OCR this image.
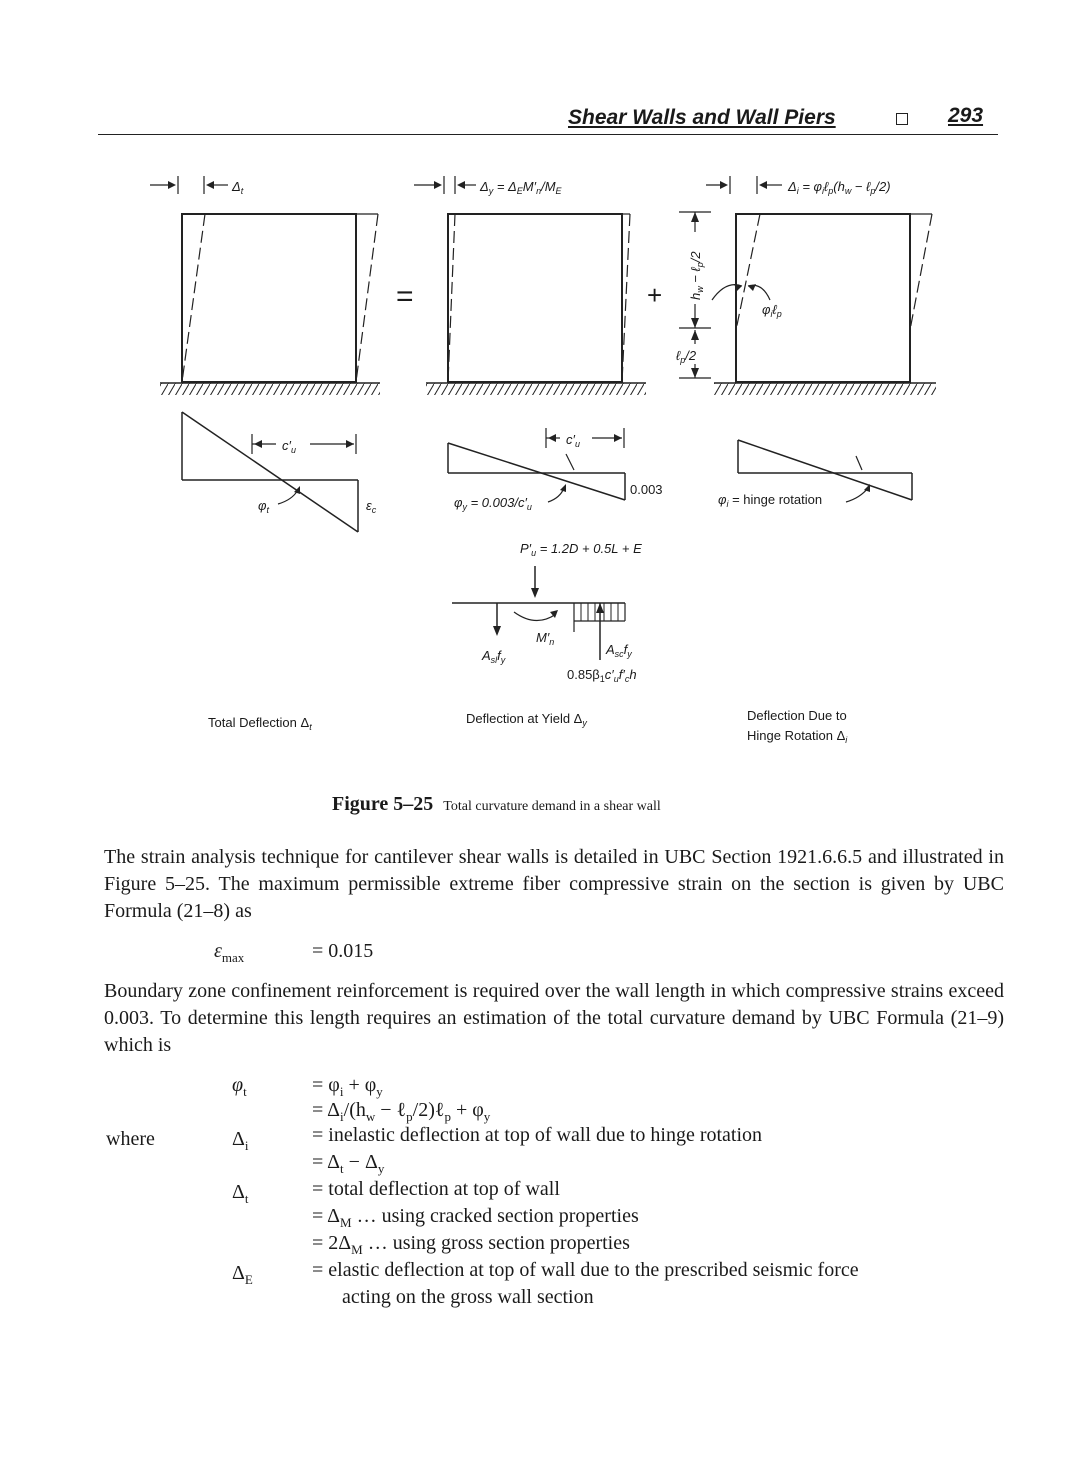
Shear Walls and Wall Piers	293
$\Delta_t$
=
$\Delta_y = \Delta_EM'_n/M_E$
+ $h_w$ − ℓ$_p$/2
ℓ$_p$/2
$\varphi_i\ell_p$
$\Delta_i$ = $\varphi_i\ell_p(h_w$ − ℓ$_p$/2)
$c'_u$
$\varphi_t$	$\varepsilon_c$
$c'_u$
$\varphi_y = 0.003/c'_u$
0.003
$\varphi_i$ = hinge rotation
$P'_u = 1.2D + 0.5L + E$
$M'_n$
$A_{sl}f_y$
$A_{sc}f_y$
$0.85\beta_1c'_uf'_ch$
Total Deflection $\Delta_t$
Deflection at Yield $\Delta_y$	Deflection Due to
Hinge Rotation $\Delta_i$
Figure 5–25 Total curvature demand in a shear wall
The strain analysis technique for cantilever shear walls is detailed in UBC Section 1921.6.6.5 and illustrated in Figure 5–25. The maximum permissible extreme fiber compressive strain on the section is given by UBC Formula (21–8) as
$\varepsilon_{max}$	= 0.015
Boundary zone confinement reinforcement is required over the wall length in which compressive strains exceed 0.003. To determine this length requires an estimation of the total curvature demand by UBC Formula (21–9) which is
$\varphi_t$	= $\varphi_i + \varphi_y$
= $\Delta_i/(h_w$ − ℓ$_p$/2)ℓ$_p$ + $\varphi_y$
where	$\Delta_i$	= inelastic deflection at top of wall due to hinge rotation
= $\Delta_t - \Delta_y$
$\Delta_t$	= total deflection at top of wall
= $\Delta_M$ … using cracked section properties
= $2\Delta_M$ … using gross section properties
$\Delta_E$	= elastic deflection at top of wall due to the prescribed seismic force
acting on the gross wall section
